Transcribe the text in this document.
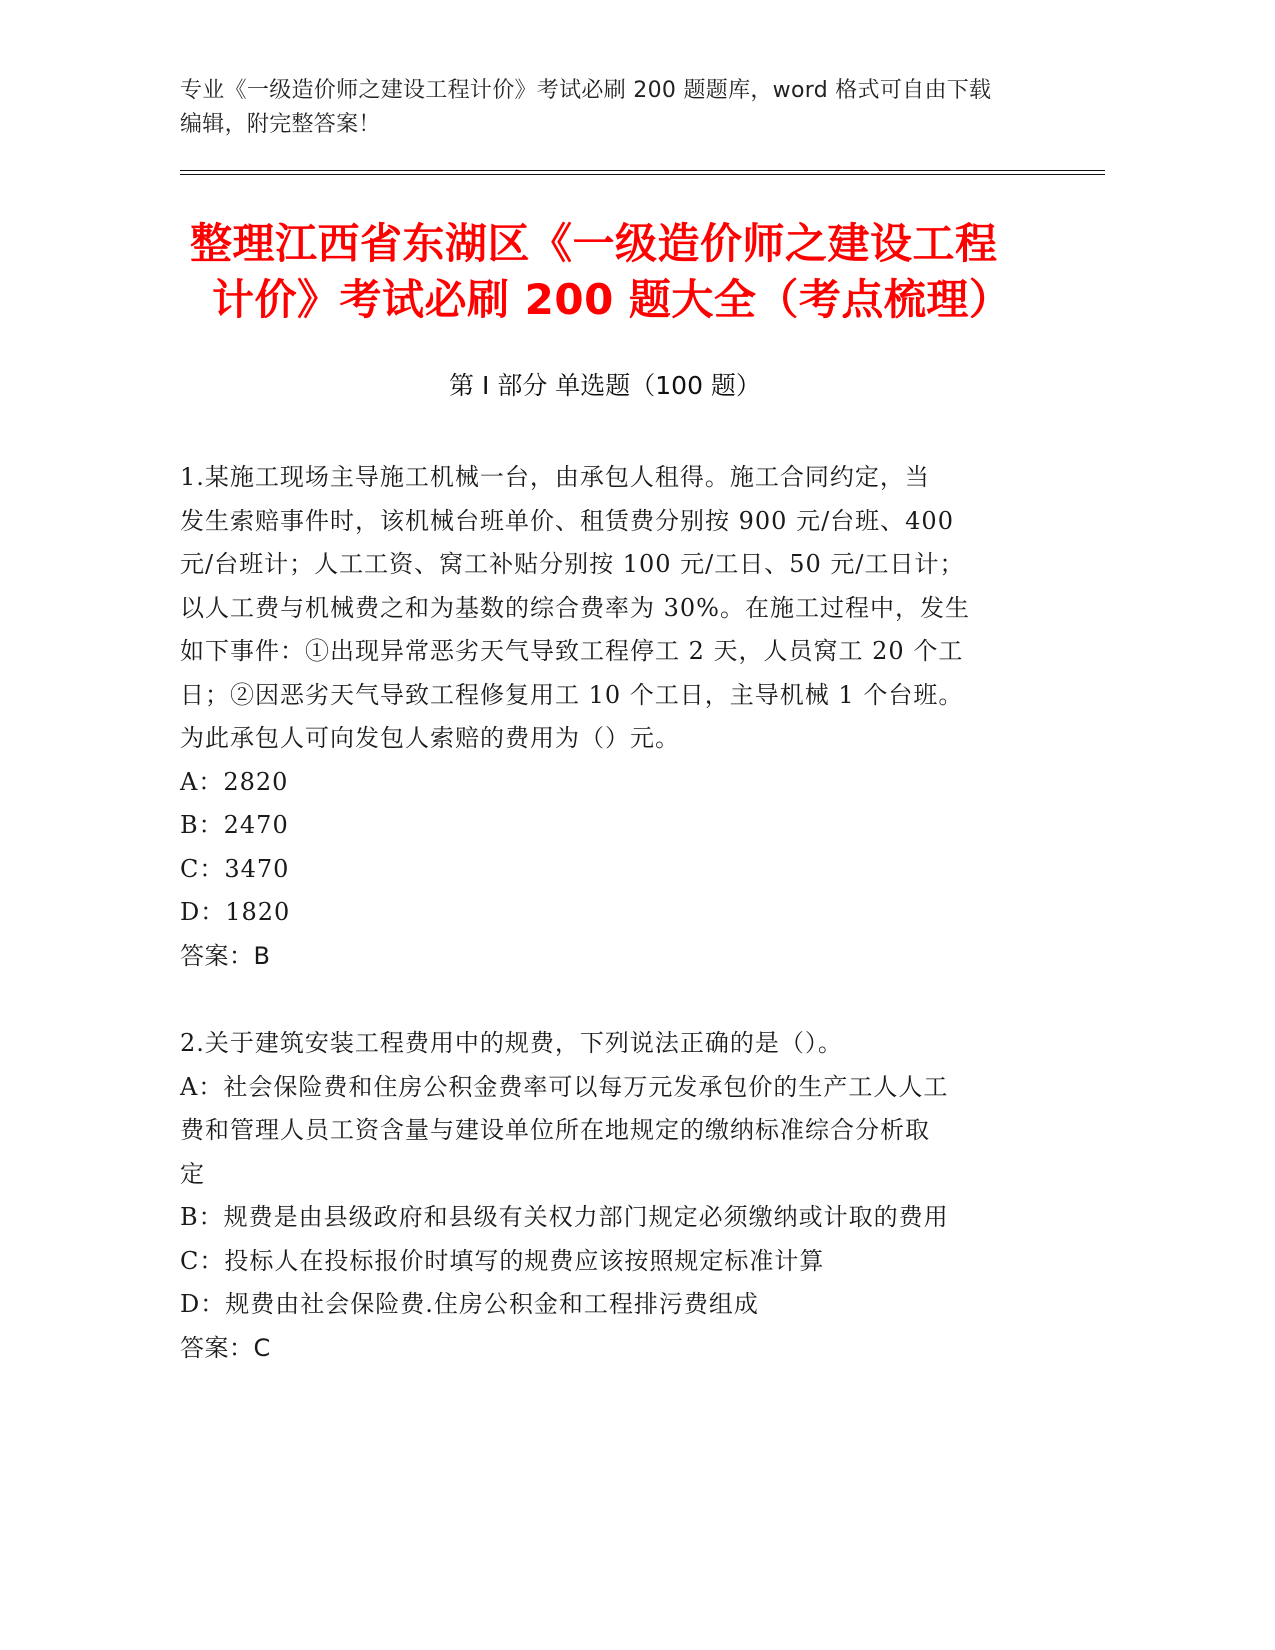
专业《一级造价师之建设工程计价》考试必刷 200 题题库，word 格式可自由下载
编辑，附完整答案！
整理江西省东湖区《一级造价师之建设工程
计价》考试必刷 200 题大全（考点梳理）
第 I 部分 单选题（100 题）

1.某施工现场主导施工机械一台，由承包人租得。施工合同约定，当

发生索赔事件时，该机械台班单价、租赁费分别按 900 元/台班、400

元/台班计；人工工资、窝工补贴分别按 100 元/工日、50 元/工日计；

以人工费与机械费之和为基数的综合费率为 30%。在施工过程中，发生

如下事件：①出现异常恶劣天气导致工程停工 2 天，人员窝工 20 个工

日；②因恶劣天气导致工程修复用工 10 个工日，主导机械 1 个台班。

为此承包人可向发包人索赔的费用为（）元。

A：2820

B：2470

C：3470

D：1820

答案：B

2.关于建筑安装工程费用中的规费，下列说法正确的是（）。

A：社会保险费和住房公积金费率可以每万元发承包价的生产工人人工

费和管理人员工资含量与建设单位所在地规定的缴纳标准综合分析取

定

B：规费是由县级政府和县级有关权力部门规定必须缴纳或计取的费用

C：投标人在投标报价时填写的规费应该按照规定标准计算

D：规费由社会保险费.住房公积金和工程排污费组成

答案：C
